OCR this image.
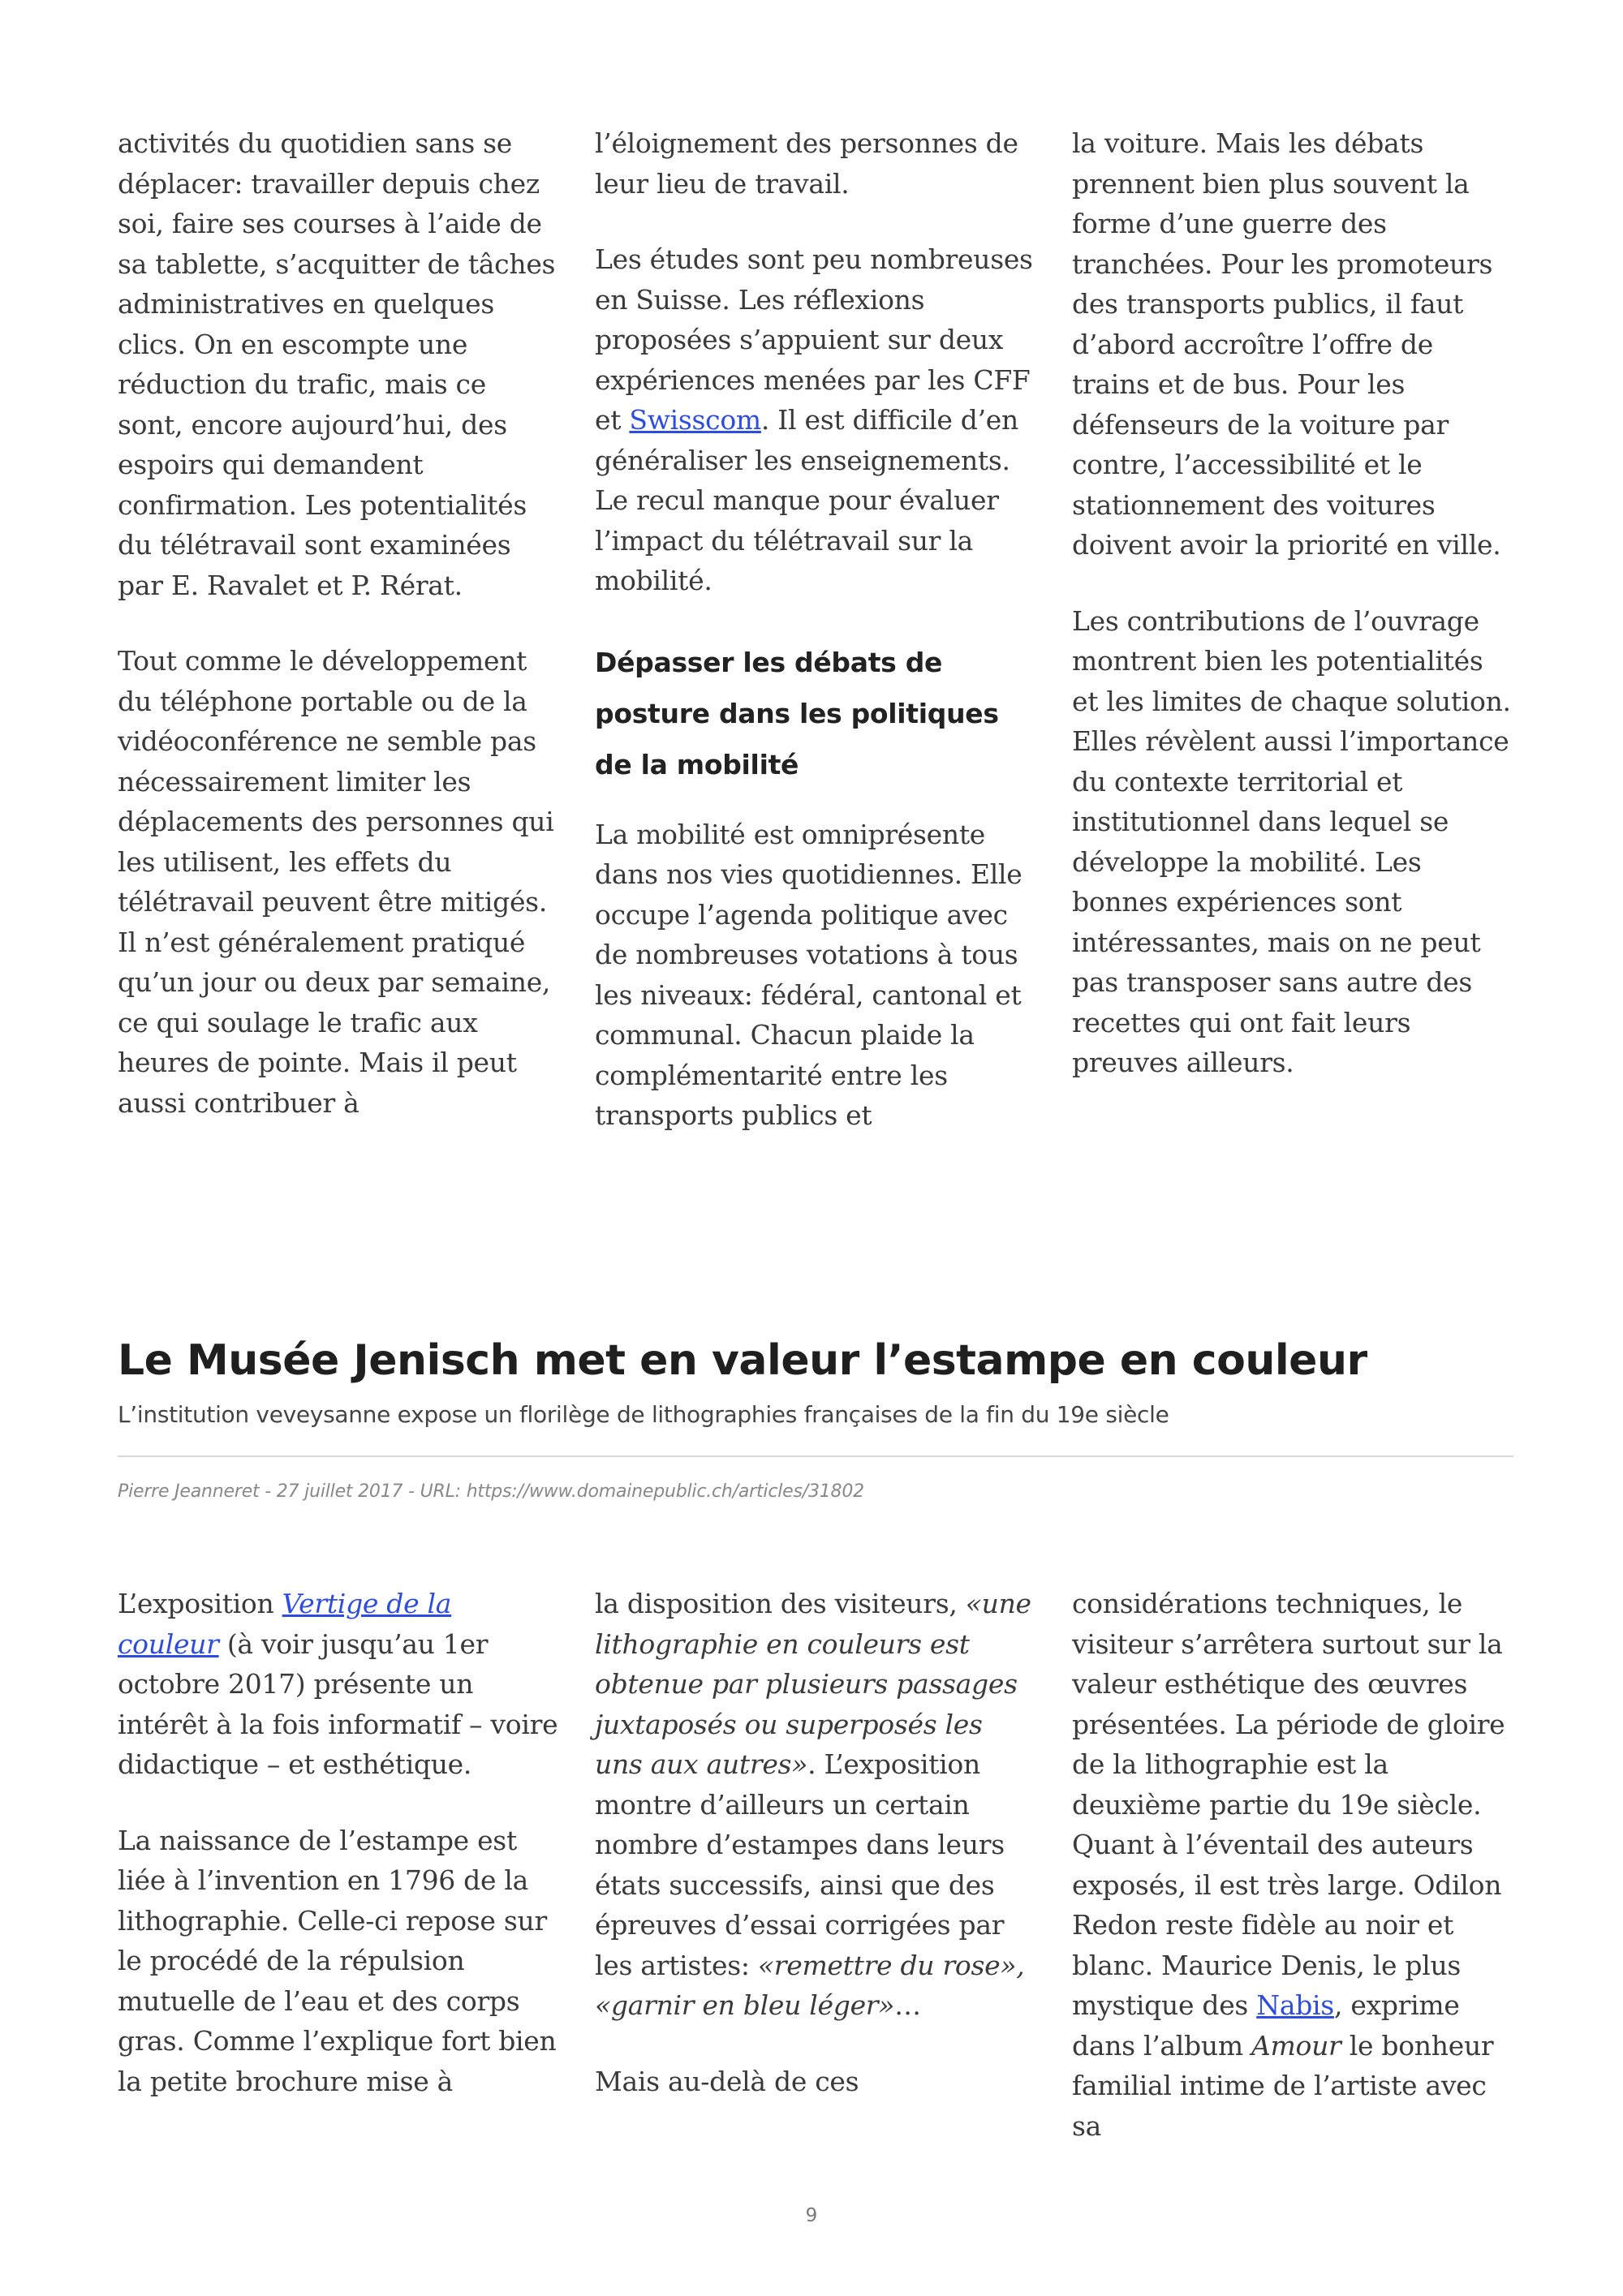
activités du quotidien sans se déplacer: travailler depuis chez soi, faire ses courses à l’aide de sa tablette, s’acquitter de tâches administratives en quelques clics. On en escompte une réduction du trafic, mais ce sont, encore aujourd’hui, des espoirs qui demandent confirmation. Les potentialités du télétravail sont examinées par E. Ravalet et P. Rérat.

Tout comme le développement du téléphone portable ou de la vidéoconférence ne semble pas nécessairement limiter les déplacements des personnes qui les utilisent, les effets du télétravail peuvent être mitigés. Il n’est généralement pratiqué qu’un jour ou deux par semaine, ce qui soulage le trafic aux heures de pointe. Mais il peut aussi contribuer à

l’éloignement des personnes de leur lieu de travail.

Les études sont peu nombreuses en Suisse. Les réflexions proposées s’appuient sur deux expériences menées par les CFF et Swisscom. Il est difficile d’en généraliser les enseignements. Le recul manque pour évaluer l’impact du télétravail sur la mobilité.

Dépasser les débats de posture dans les politiques de la mobilité

La mobilité est omniprésente dans nos vies quotidiennes. Elle occupe l’agenda politique avec de nombreuses votations à tous les niveaux: fédéral, cantonal et communal. Chacun plaide la complémentarité entre les transports publics et

la voiture. Mais les débats prennent bien plus souvent la forme d’une guerre des tranchées. Pour les promoteurs des transports publics, il faut d’abord accroître l’offre de trains et de bus. Pour les défenseurs de la voiture par contre, l’accessibilité et le stationnement des voitures doivent avoir la priorité en ville.

Les contributions de l’ouvrage montrent bien les potentialités et les limites de chaque solution. Elles révèlent aussi l’importance du contexte territorial et institutionnel dans lequel se développe la mobilité. Les bonnes expériences sont intéressantes, mais on ne peut pas transposer sans autre des recettes qui ont fait leurs preuves ailleurs.

Le Musée Jenisch met en valeur l’estampe en couleur

L’institution veveysanne expose un florilège de lithographies françaises de la fin du 19e siècle

Pierre Jeanneret - 27 juillet 2017 - URL: https://www.domainepublic.ch/articles/31802

L’exposition Vertige de la couleur (à voir jusqu’au 1er octobre 2017) présente un intérêt à la fois informatif – voire didactique – et esthétique.

La naissance de l’estampe est liée à l’invention en 1796 de la lithographie. Celle-ci repose sur le procédé de la répulsion mutuelle de l’eau et des corps gras. Comme l’explique fort bien la petite brochure mise à

la disposition des visiteurs, «une lithographie en couleurs est obtenue par plusieurs passages juxtaposés ou superposés les uns aux autres». L’exposition montre d’ailleurs un certain nombre d’estampes dans leurs états successifs, ainsi que des épreuves d’essai corrigées par les artistes: «remettre du rose», «garnir en bleu léger»…

Mais au-delà de ces

considérations techniques, le visiteur s’arrêtera surtout sur la valeur esthétique des œuvres présentées. La période de gloire de la lithographie est la deuxième partie du 19e siècle. Quant à l’éventail des auteurs exposés, il est très large. Odilon Redon reste fidèle au noir et blanc. Maurice Denis, le plus mystique des Nabis, exprime dans l’album Amour le bonheur familial intime de l’artiste avec sa

9
